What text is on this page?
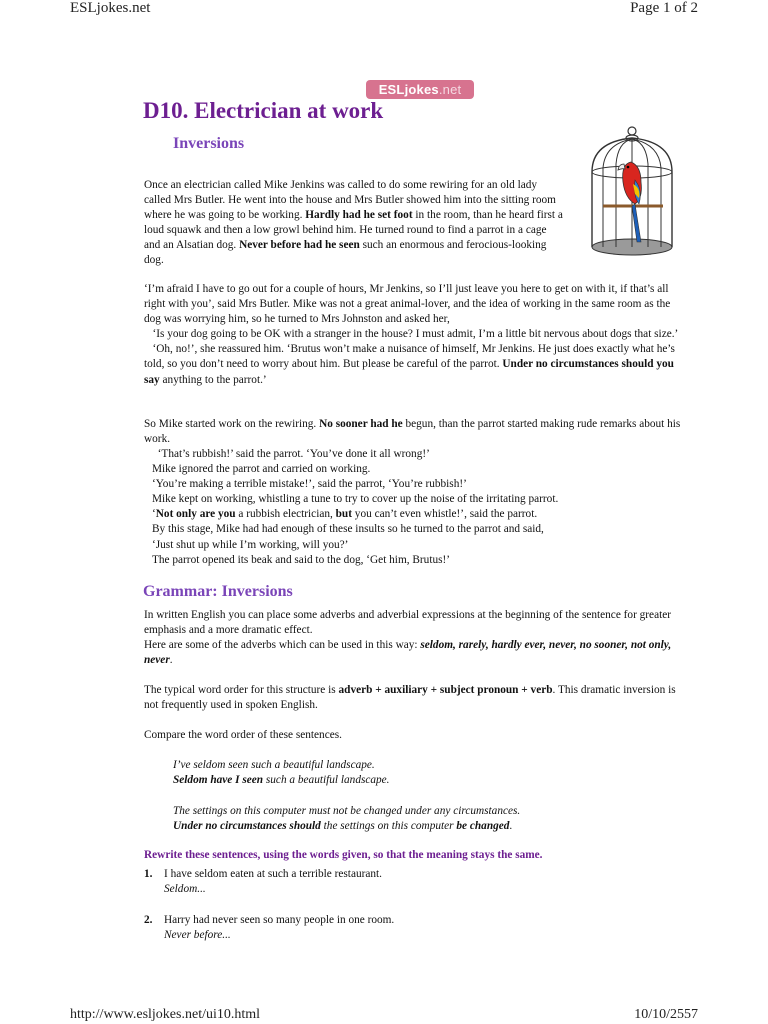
ESLjokes.net	Page 1 of 2
ESLjokes.net
D10. Electrician at work
Inversions

Once an electrician called Mike Jenkins was called to do some rewiring for an old lady called Mrs Butler. He went into the house and Mrs Butler showed him into the sitting room where he was going to be working. Hardly had he set foot in the room, than he heard first a loud squawk and then a low growl behind him. He turned round to find a parrot in a cage and an Alsatian dog. Never before had he seen such an enormous and ferocious-looking dog.

‘I’m afraid I have to go out for a couple of hours, Mr Jenkins, so I’ll just leave you here to get on with it, if that’s all right with you’, said Mrs Butler. Mike was not a great animal-lover, and the idea of working in the same room as the dog was worrying him, so he turned to Mrs Johnston and asked her,
‘Is your dog going to be OK with a stranger in the house? I must admit, I’m a little bit nervous about dogs that size.’
‘Oh, no!’, she reassured him. ‘Brutus won’t make a nuisance of himself, Mr Jenkins. He just does exactly what he’s told, so you don’t need to worry about him. But please be careful of the parrot. Under no circumstances should you say anything to the parrot.’

So Mike started work on the rewiring. No sooner had he begun, than the parrot started making rude remarks about his work.

‘That’s rubbish!’ said the parrot. ‘You’ve done it all wrong!’
Mike ignored the parrot and carried on working.
‘You’re making a terrible mistake!’, said the parrot, ‘You’re rubbish!’
Mike kept on working, whistling a tune to try to cover up the noise of the irritating parrot.
‘Not only are you a rubbish electrician, but you can’t even whistle!’, said the parrot.
By this stage, Mike had had enough of these insults so he turned to the parrot and said,
‘Just shut up while I’m working, will you?’
The parrot opened its beak and said to the dog, ‘Get him, Brutus!’

Grammar: Inversions

In written English you can place some adverbs and adverbial expressions at the beginning of the sentence for greater emphasis and a more dramatic effect.
Here are some of the adverbs which can be used in this way: seldom, rarely, hardly ever, never, no sooner, not only, never.

The typical word order for this structure is adverb + auxiliary + subject pronoun + verb. This dramatic inversion is not frequently used in spoken English.

Compare the word order of these sentences.

I’ve seldom seen such a beautiful landscape.
Seldom have I seen such a beautiful landscape.

The settings on this computer must not be changed under any circumstances.
Under no circumstances should the settings on this computer be changed.

Rewrite these sentences, using the words given, so that the meaning stays the same.

1. I have seldom eaten at such a terrible restaurant.
Seldom...
2. Harry had never seen so many people in one room.
Never before...
http://www.esljokes.net/ui10.html	10/10/2557
